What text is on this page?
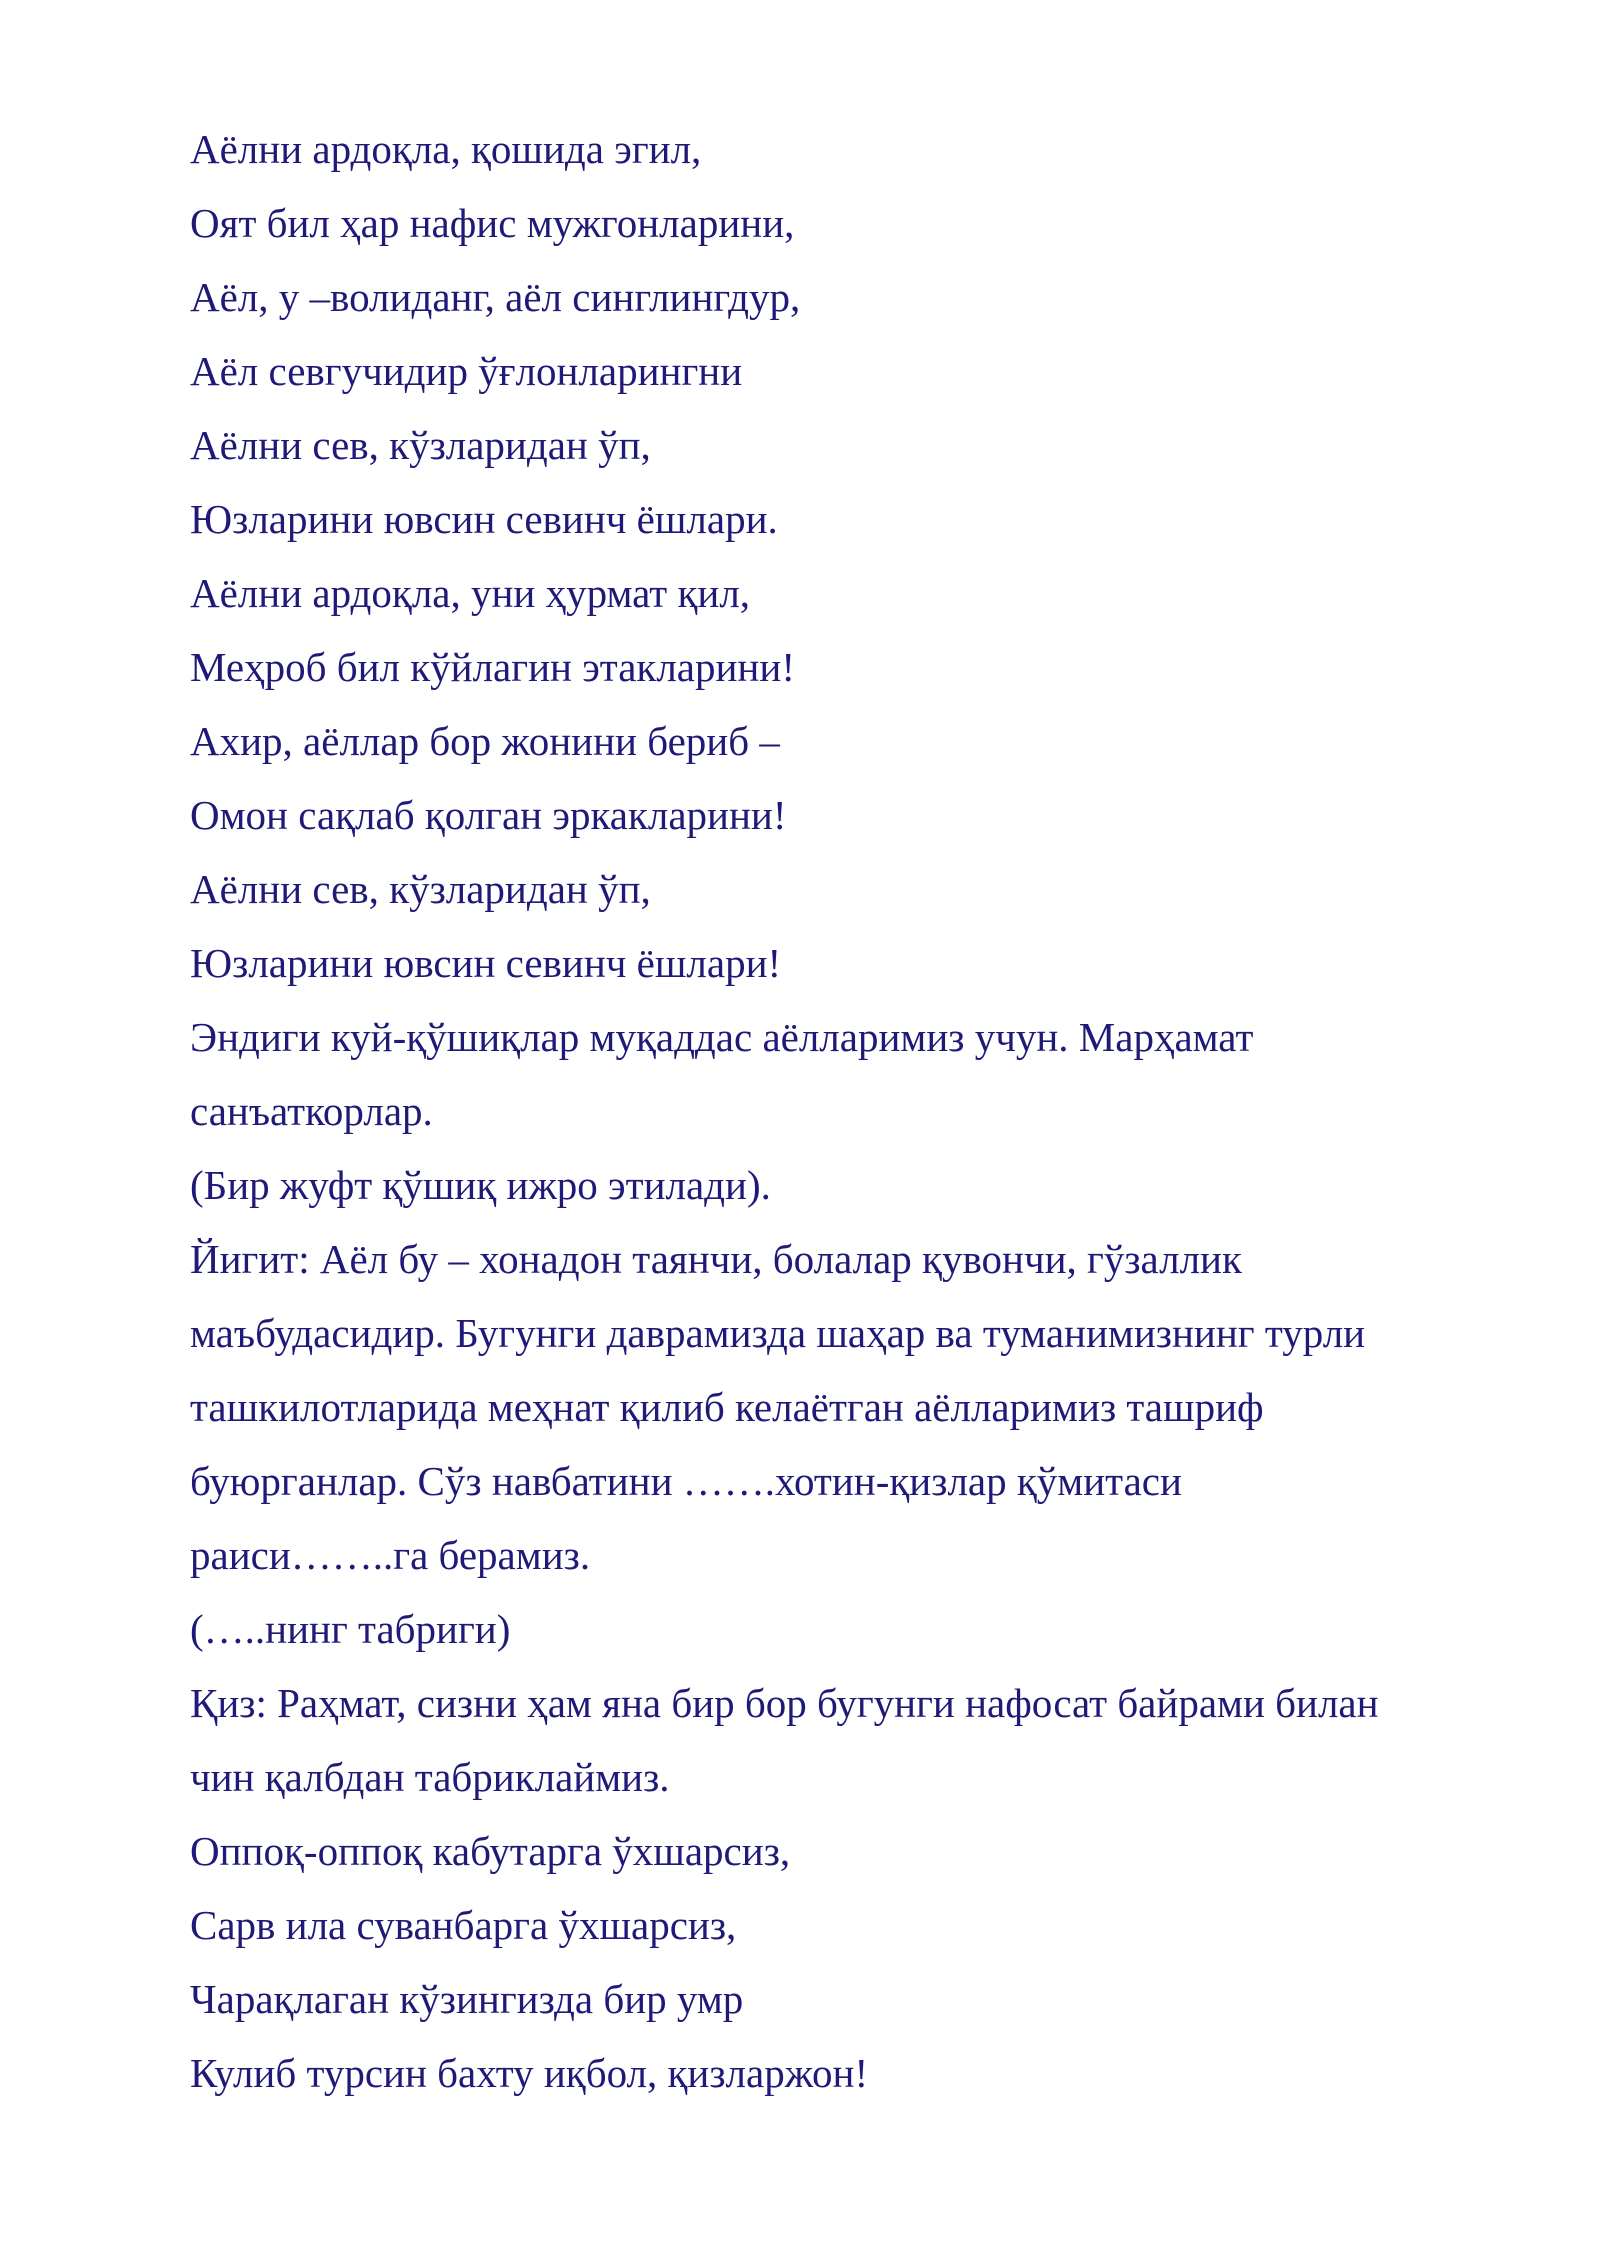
Аёлни ардоқла, қошида эгил,
Оят бил ҳар нафис мужгонларини,
Аёл, у –волиданг, аёл синглингдур,
Аёл севгучидир ўғлонларингни
Аёлни сев, кўзларидан ўп,
Юзларини ювсин севинч ёшлари.
Аёлни ардоқла, уни ҳурмат қил,
Меҳроб бил кўйлагин этакларини!
Ахир, аёллар бор жонини бериб –
Омон сақлаб қолган эркакларини!
Аёлни сев, кўзларидан ўп,
Юзларини ювсин севинч ёшлари!
Эндиги куй-қўшиқлар муқаддас аёлларимиз учун. Марҳамат
санъаткорлар.
(Бир жуфт қўшиқ ижро этилади).
Йигит: Аёл бу – хонадон таянчи, болалар қувончи, гўзаллик
маъбудасидир. Бугунги даврамизда шаҳар ва туманимизнинг турли
ташкилотларида меҳнат қилиб келаётган аёлларимиз ташриф
буюрганлар. Сўз навбатини …….хотин-қизлар қўмитаси
раиси……..га берамиз.
(…..нинг табриги)
Қиз: Раҳмат, сизни ҳам яна бир бор бугунги нафосат байрами билан
чин қалбдан табриклаймиз.
Оппоқ-оппоқ кабутарга ўхшарсиз,
Сарв ила суванбарга ўхшарсиз,
Чарақлаган кўзингизда бир умр
Кулиб турсин бахту иқбол, қизларжон!
